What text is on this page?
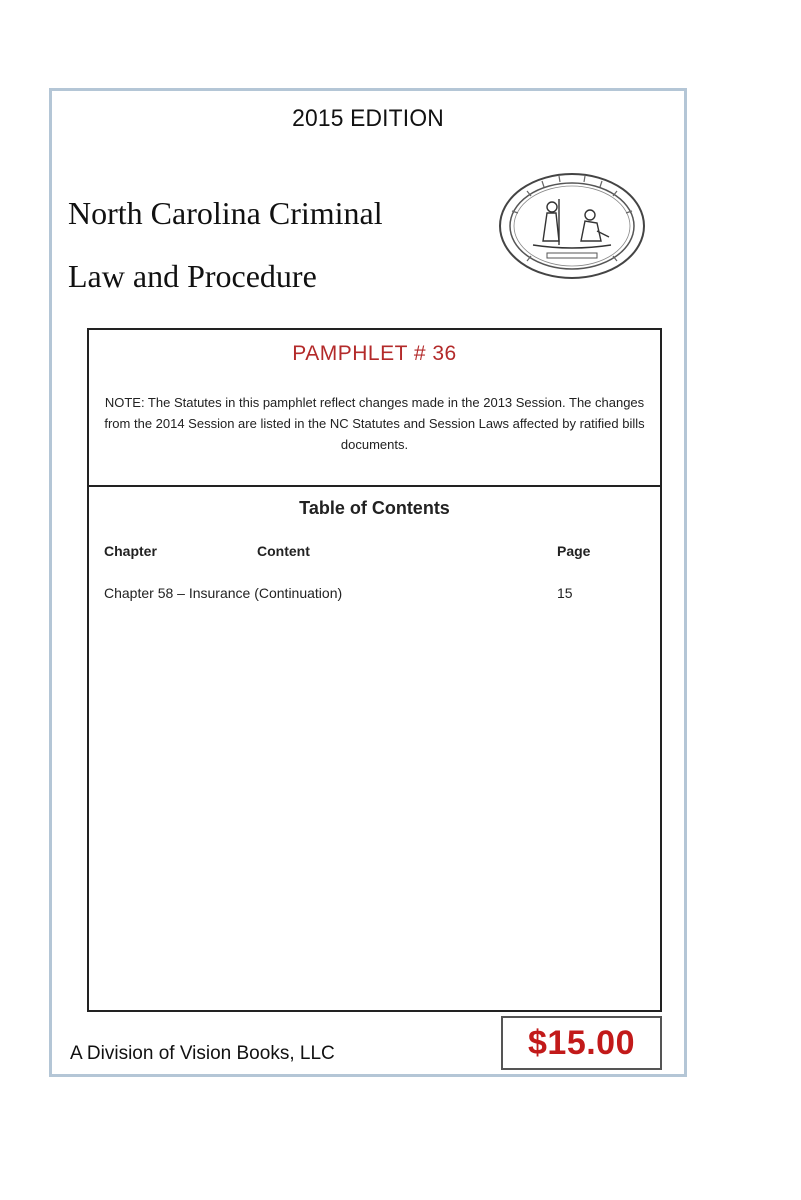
2015 EDITION
North Carolina Criminal
Law and Procedure
PAMPHLET # 36
NOTE: The Statutes in this pamphlet reflect changes made in the 2013 Session. The changes from the 2014 Session are listed in the NC Statutes and Session Laws affected by ratified bills documents.
Table of Contents
Chapter	Content	Page
Chapter 58 – Insurance (Continuation)	15
A Division of Vision Books, LLC	$15.00
